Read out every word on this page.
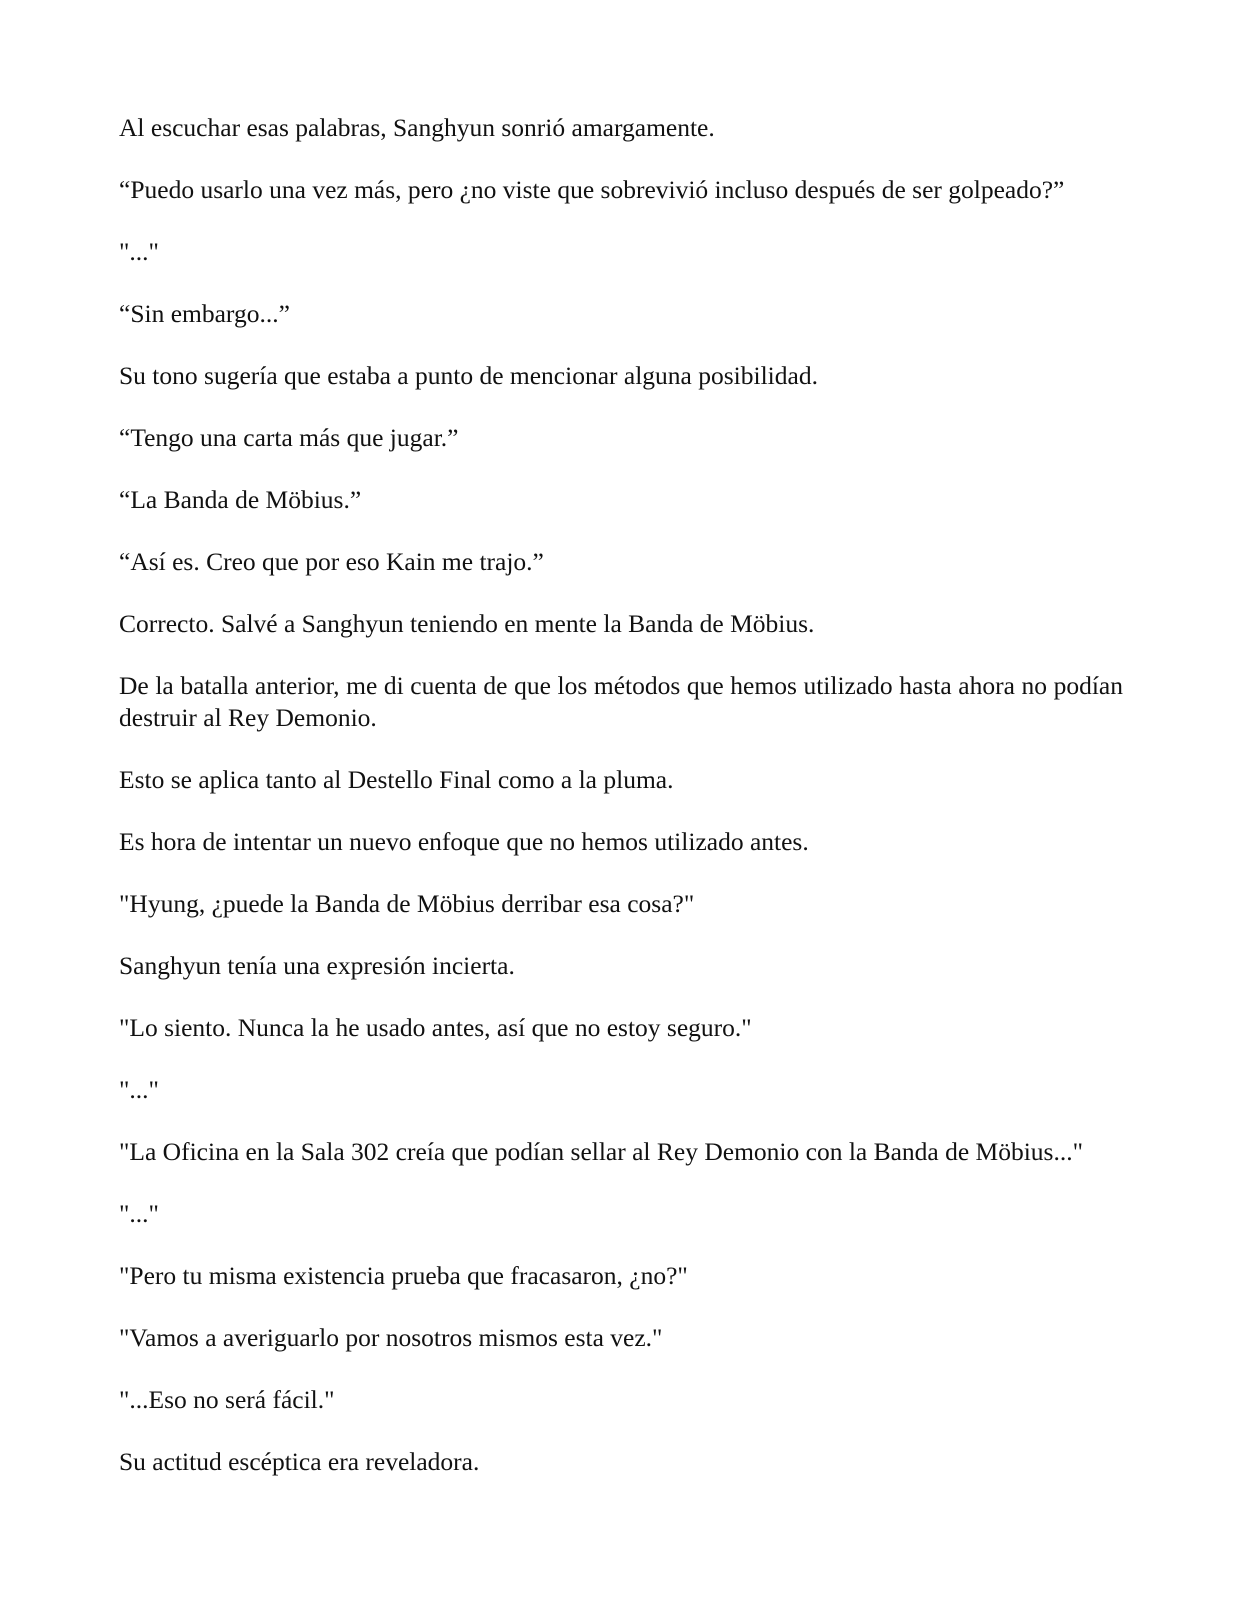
Al escuchar esas palabras, Sanghyun sonrió amargamente.

“Puedo usarlo una vez más, pero ¿no viste que sobrevivió incluso después de ser golpeado?”

"..."

“Sin embargo...”

Su tono sugería que estaba a punto de mencionar alguna posibilidad.

“Tengo una carta más que jugar.”

“La Banda de Möbius.”

“Así es. Creo que por eso Kain me trajo.”

Correcto. Salvé a Sanghyun teniendo en mente la Banda de Möbius.

De la batalla anterior, me di cuenta de que los métodos que hemos utilizado hasta ahora no podían destruir al Rey Demonio.

Esto se aplica tanto al Destello Final como a la pluma.

Es hora de intentar un nuevo enfoque que no hemos utilizado antes.

"Hyung, ¿puede la Banda de Möbius derribar esa cosa?"

Sanghyun tenía una expresión incierta.

"Lo siento. Nunca la he usado antes, así que no estoy seguro."

"..."

"La Oficina en la Sala 302 creía que podían sellar al Rey Demonio con la Banda de Möbius..."

"..."

"Pero tu misma existencia prueba que fracasaron, ¿no?"

"Vamos a averiguarlo por nosotros mismos esta vez."

"...Eso no será fácil."

Su actitud escéptica era reveladora.
